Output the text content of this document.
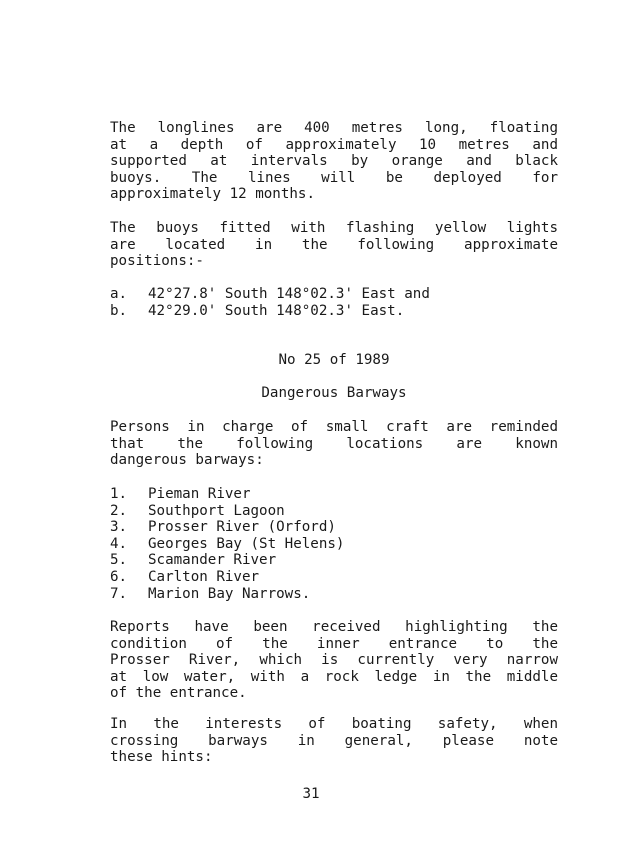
The longlines are 400 metres long, floating
at a depth of approximately 10 metres and
supported at intervals by orange and black
buoys. The lines will be deployed for
approximately 12 months.
The buoys fitted with flashing yellow lights
are located in the following approximate
positions:-
a.	42°27.8' South 148°02.3' East and
b.	42°29.0' South 148°02.3' East.
No 25 of 1989
Dangerous Barways
Persons in charge of small craft are reminded
that the following locations are known
dangerous barways:
1.	Pieman River
2.	Southport Lagoon
3.	Prosser River (Orford)
4.	Georges Bay (St Helens)
5.	Scamander River
6.	Carlton River
7.	Marion Bay Narrows.
Reports have been received highlighting the
condition of the inner entrance to the
Prosser River, which is currently very narrow
at low water, with a rock ledge in the middle
of the entrance.
In the interests of boating safety, when
crossing barways in general, please note
these hints:
31
